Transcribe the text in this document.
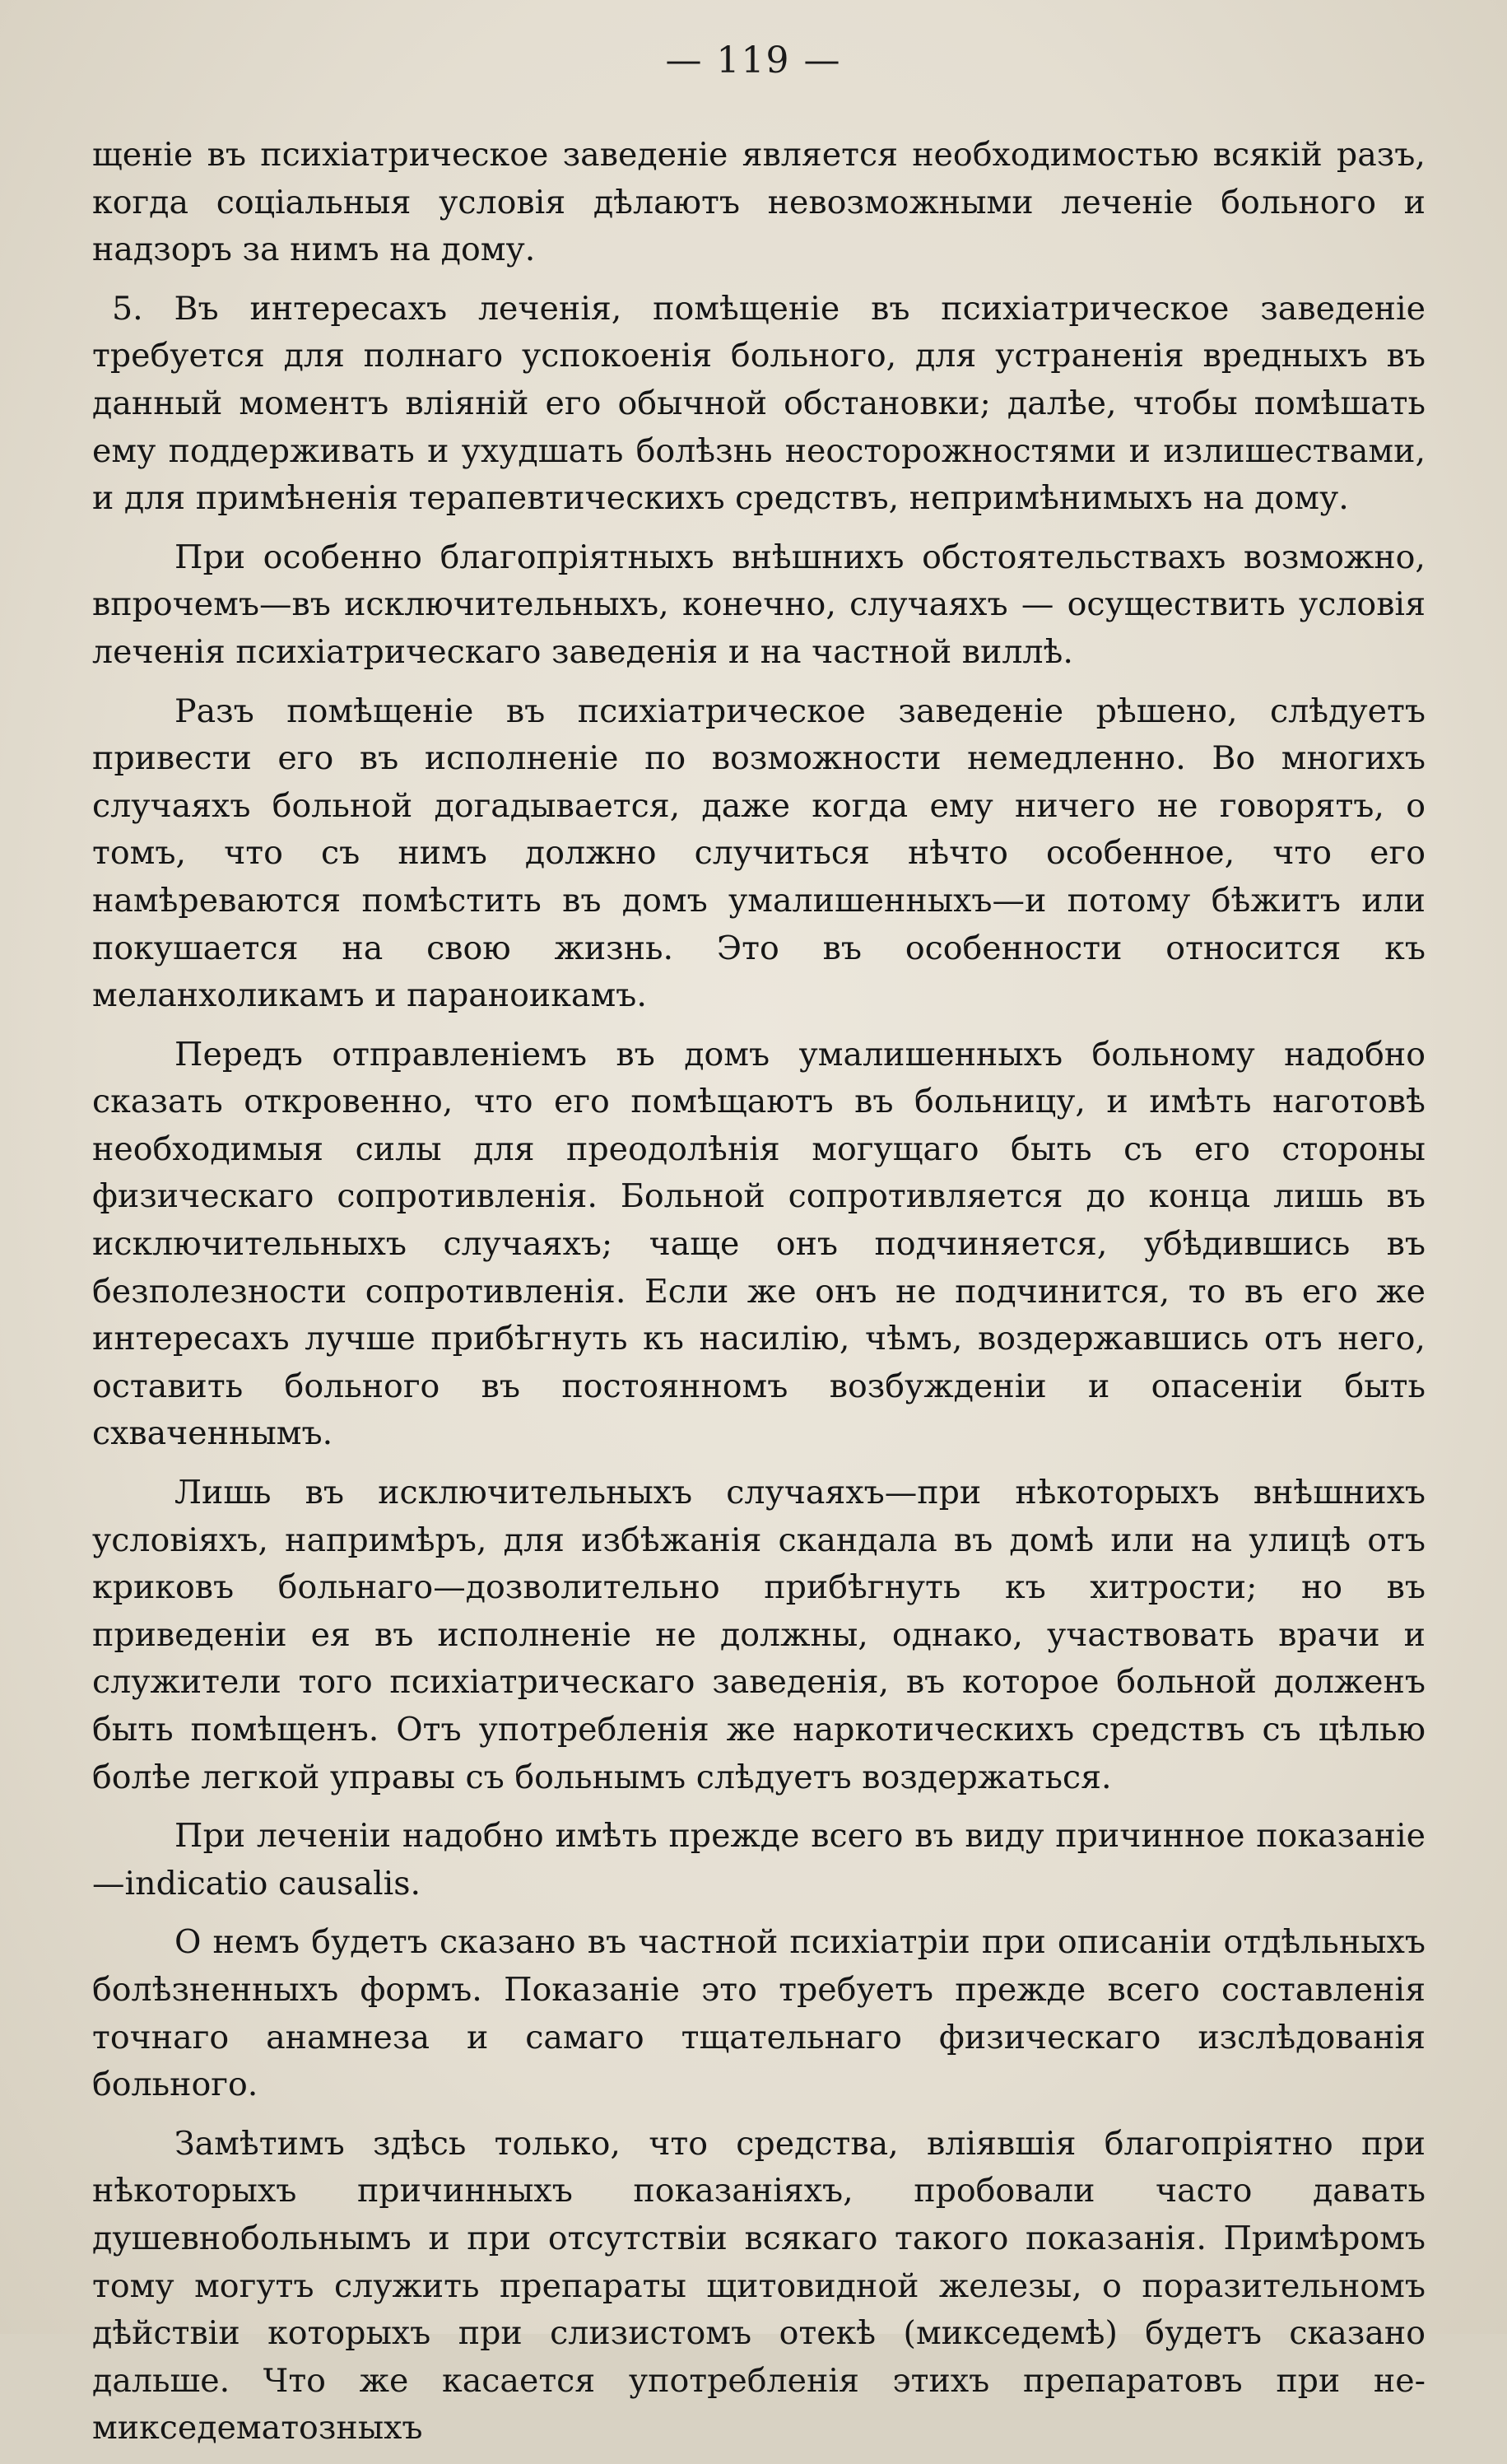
— 119 —

щеніе въ психіатрическое заведеніе является необходимостью всякій разъ, когда соціальныя условія дѣлаютъ невозможными леченіе больного и надзоръ за нимъ на дому.

5. Въ интересахъ леченія, помѣщеніе въ психіатрическое заведеніе требуется для полнаго успокоенія больного, для устраненія вредныхъ въ данный моментъ вліяній его обычной обстановки; далѣе, чтобы помѣшать ему поддерживать и ухудшать болѣзнь неосторожностями и излишествами, и для примѣненія терапевтическихъ средствъ, непримѣнимыхъ на дому.

При особенно благопріятныхъ внѣшнихъ обстоятельствахъ возможно, впрочемъ—въ исключительныхъ, конечно, случаяхъ — осуществить условія леченія психіатрическаго заведенія и на частной виллѣ.

Разъ помѣщеніе въ психіатрическое заведеніе рѣшено, слѣдуетъ привести его въ исполненіе по возможности немедленно. Во многихъ случаяхъ больной догадывается, даже когда ему ничего не говорятъ, о томъ, что съ нимъ должно случиться нѣчто особенное, что его намѣреваются помѣстить въ домъ умалишенныхъ—и потому бѣжитъ или покушается на свою жизнь. Это въ особенности относится къ меланхоликамъ и параноикамъ.

Передъ отправленіемъ въ домъ умалишенныхъ больному надобно сказать откровенно, что его помѣщаютъ въ больницу, и имѣть наготовѣ необходимыя силы для преодолѣнія могущаго быть съ его стороны физическаго сопротивленія. Больной сопротивляется до конца лишь въ исключительныхъ случаяхъ; чаще онъ подчиняется, убѣдившись въ безполезности сопротивленія. Если же онъ не подчинится, то въ его же интересахъ лучше прибѣгнуть къ насилію, чѣмъ, воздержавшись отъ него, оставить больного въ постоянномъ возбужденіи и опасеніи быть схваченнымъ.

Лишь въ исключительныхъ случаяхъ—при нѣкоторыхъ внѣшнихъ условіяхъ, напримѣръ, для избѣжанія скандала въ домѣ или на улицѣ отъ криковъ больнаго—дозволительно прибѣгнуть къ хитрости; но въ приведеніи ея въ исполненіе не должны, однако, участвовать врачи и служители того психіатрическаго заведенія, въ которое больной долженъ быть помѣщенъ. Отъ употребленія же наркотическихъ средствъ съ цѣлью болѣе легкой управы съ больнымъ слѣдуетъ воздержаться.

При леченіи надобно имѣть прежде всего въ виду причинное показаніе—indicatio causalis.

О немъ будетъ сказано въ частной психіатріи при описаніи отдѣльныхъ болѣзненныхъ формъ. Показаніе это требуетъ прежде всего составленія точнаго анамнеза и самаго тщательнаго физическаго изслѣдованія больного.

Замѣтимъ здѣсь только, что средства, вліявшія благопріятно при нѣкоторыхъ причинныхъ показаніяхъ, пробовали часто давать душевнобольнымъ и при отсутствіи всякаго такого показанія. Примѣромъ тому могутъ служить препараты щитовидной железы, о поразительномъ дѣйствіи которыхъ при слизистомъ отекѣ (микседемѣ) будетъ сказано дальше. Что же касается употребленія этихъ препаратовъ при не-микседематозныхъ
